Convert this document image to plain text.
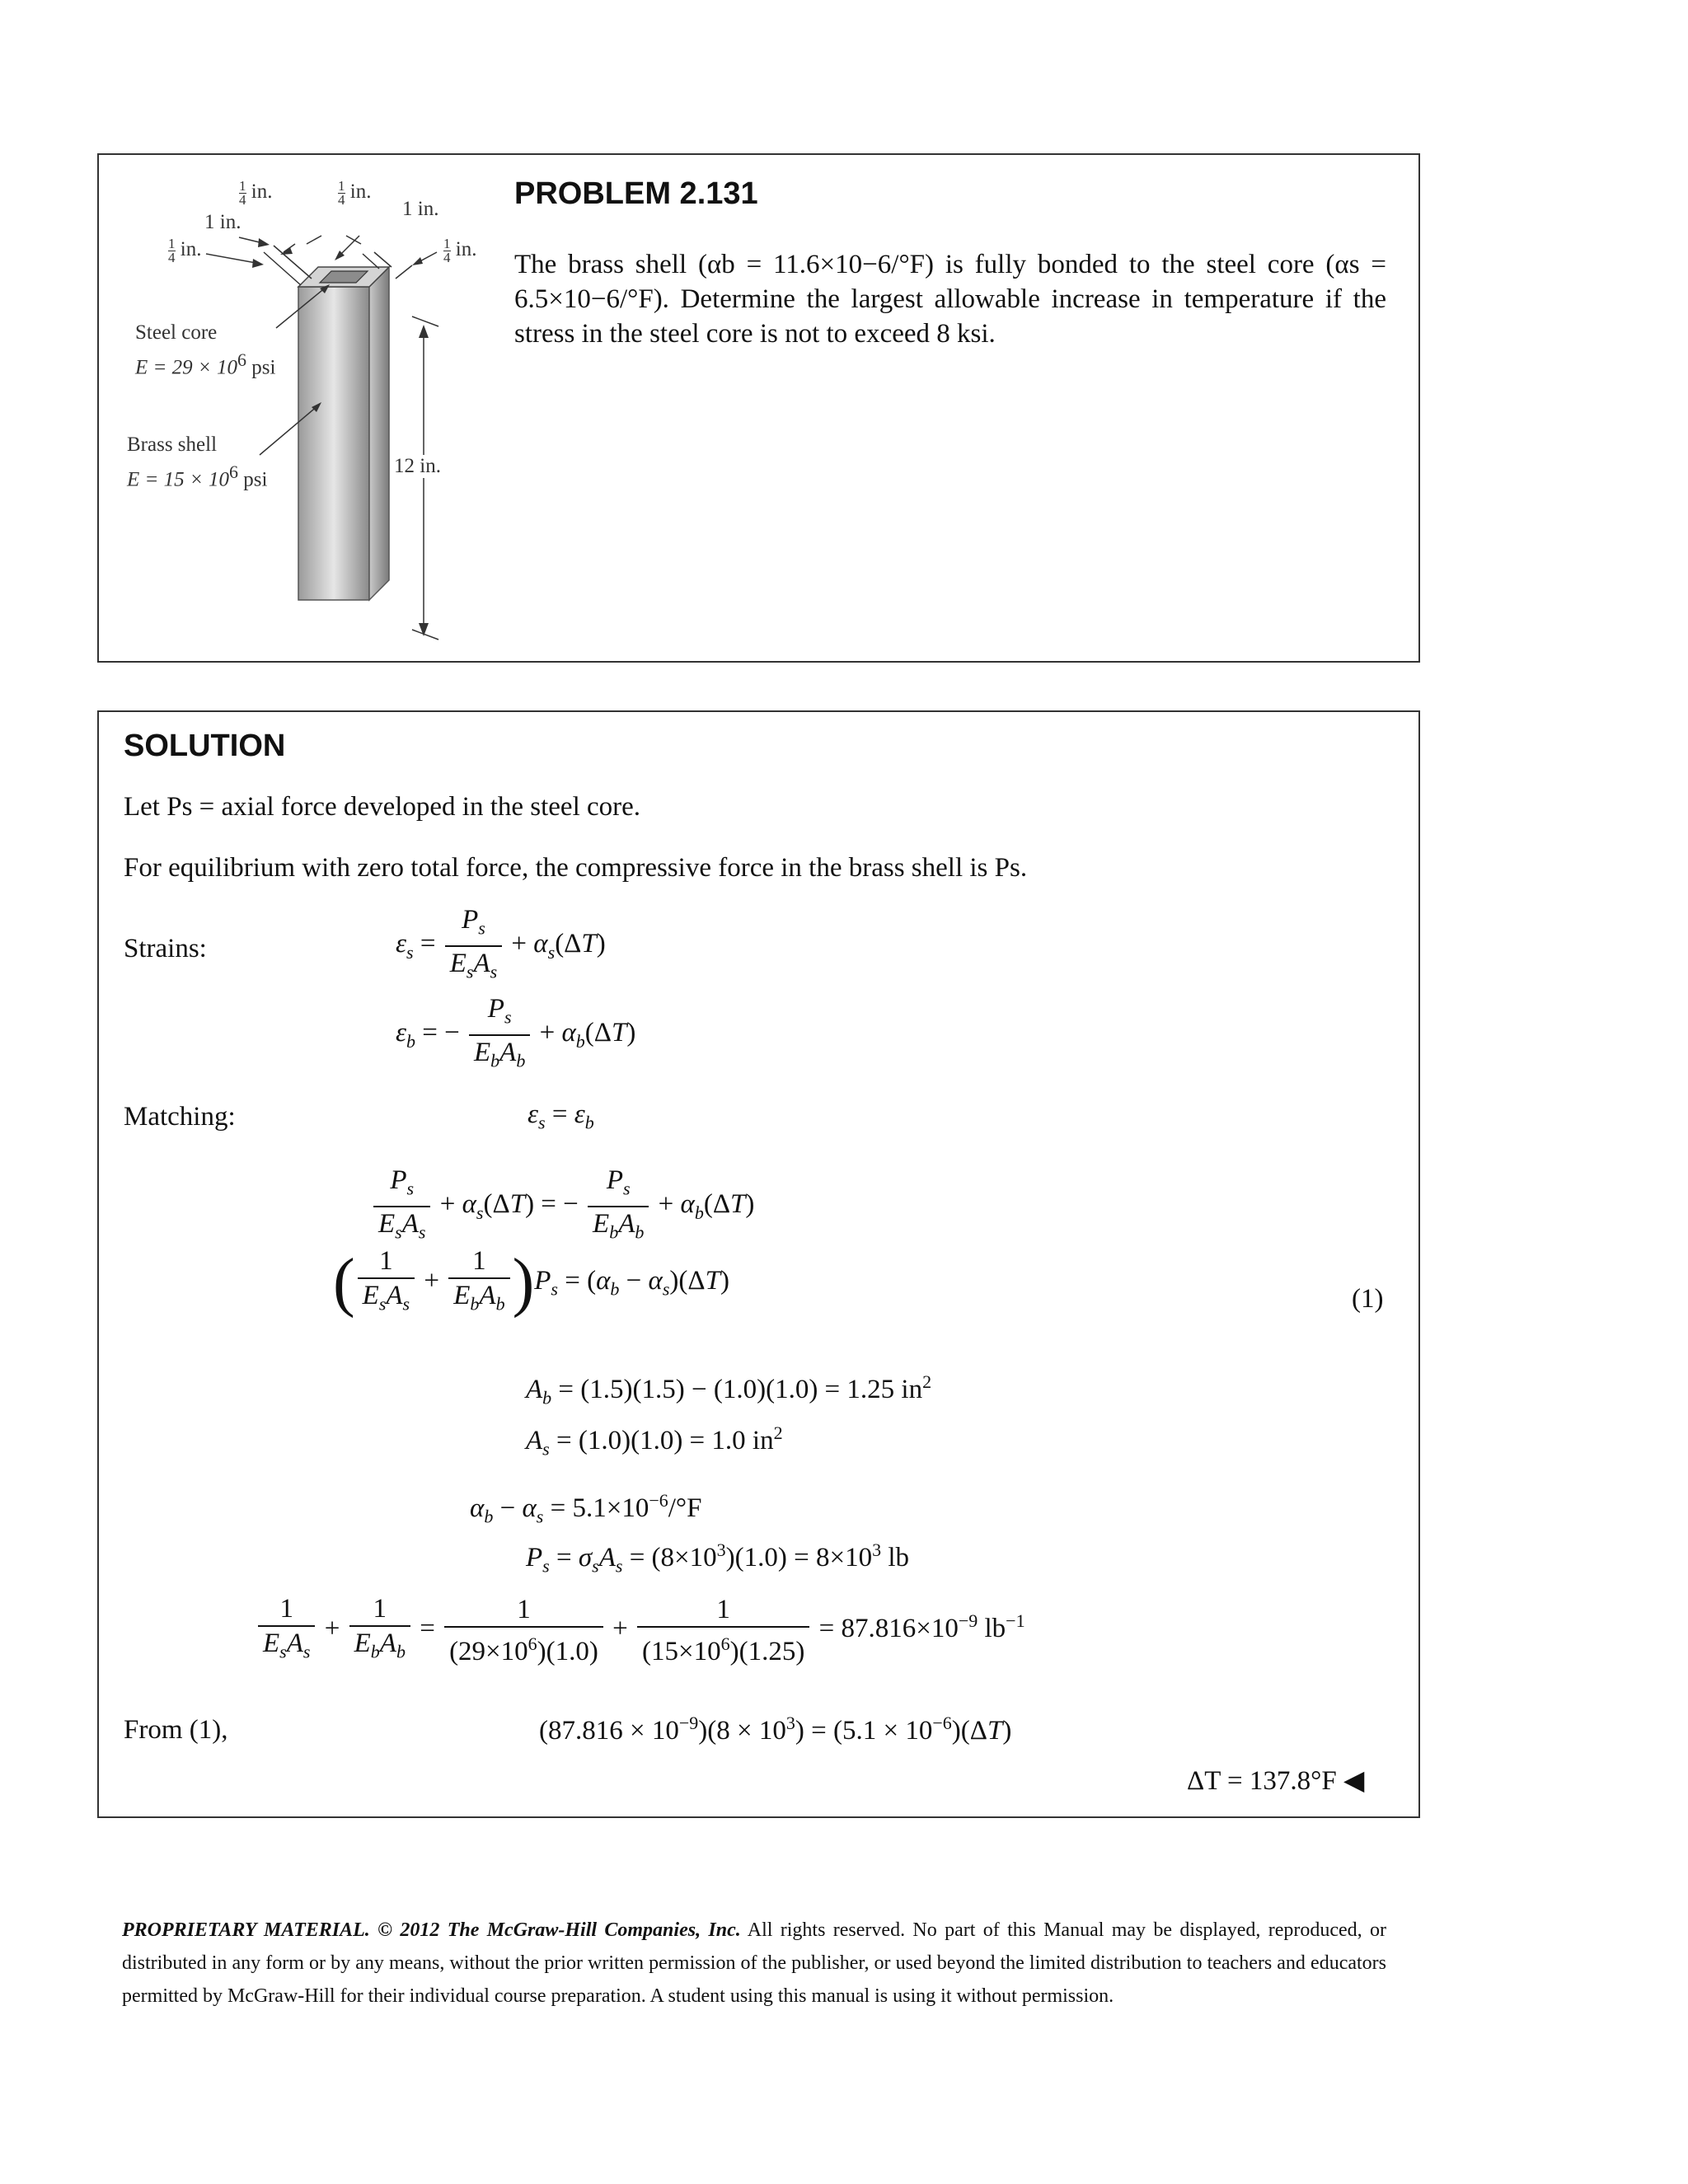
PROBLEM 2.131
The brass shell (αb = 11.6×10−6/°F) is fully bonded to the steel core (αs = 6.5×10−6/°F). Determine the largest allowable increase in temperature if the stress in the steel core is not to exceed 8 ksi.
$\frac{1}{4}$ in.
1 in.
$\frac{1}{4}$ in.
$\frac{1}{4}$ in.
1 in.
$\frac{1}{4}$ in.
Steel core
$E = 29 \times 10^6$ psi
Brass shell
$E = 15 \times 10^6$ psi
12 in.
SOLUTION
Let Ps = axial force developed in the steel core.
For equilibrium with zero total force, the compressive force in the brass shell is Ps.
Strains:	$\varepsilon_s = \frac{P_s}{E_sA_s} + \alpha_s(\Delta T)$
$\varepsilon_b$ = − $\frac{P_s}{E_bA_b} + \alpha_b(\Delta T)$
Matching:	$\varepsilon_s = \varepsilon_b$
$\frac{P_s}{E_sA_s} + \alpha_s(\Delta T)$ = − $\frac{P_s}{E_bA_b} + \alpha_b(\Delta T)$
( $\frac{1}{E_sA_s} + \frac{1}{E_bA_b} )P_s = (\alpha_b - \alpha_s)(\Delta T)$
(1)
$A_b = (1.5)(1.5) - (1.0)(1.0) = 1.25$ $in^2$
$A_s = (1.0)(1.0) = 1.0$ $in^2$
$\alpha_b - \alpha_s = 5.1\times 10^{-6}/^\circ F$
$P_s = \sigma_sA_s = (8\times 10^3)(1.0) = 8\times 10^3$ lb
$\frac{1}{E_sA_s} + \frac{1}{E_bA_b} = \frac{1}{(29\times 10^6)(1.0)} + \frac{1}{(15\times 10^6)(1.25)} = 87.816\times 10^{-9}$ $lb^{-1}$
From (1),	$(87.816 \times 10^{-9})(8 \times 10^3) = (5.1 \times 10^{-6})(\Delta T)$
ΔT = 137.8°F ◀
PROPRIETARY MATERIAL. © 2012 The McGraw-Hill Companies, Inc. All rights reserved. No part of this Manual may be displayed, reproduced, or distributed in any form or by any means, without the prior written permission of the publisher, or used beyond the limited distribution to teachers and educators permitted by McGraw-Hill for their individual course preparation. A student using this manual is using it without permission.
